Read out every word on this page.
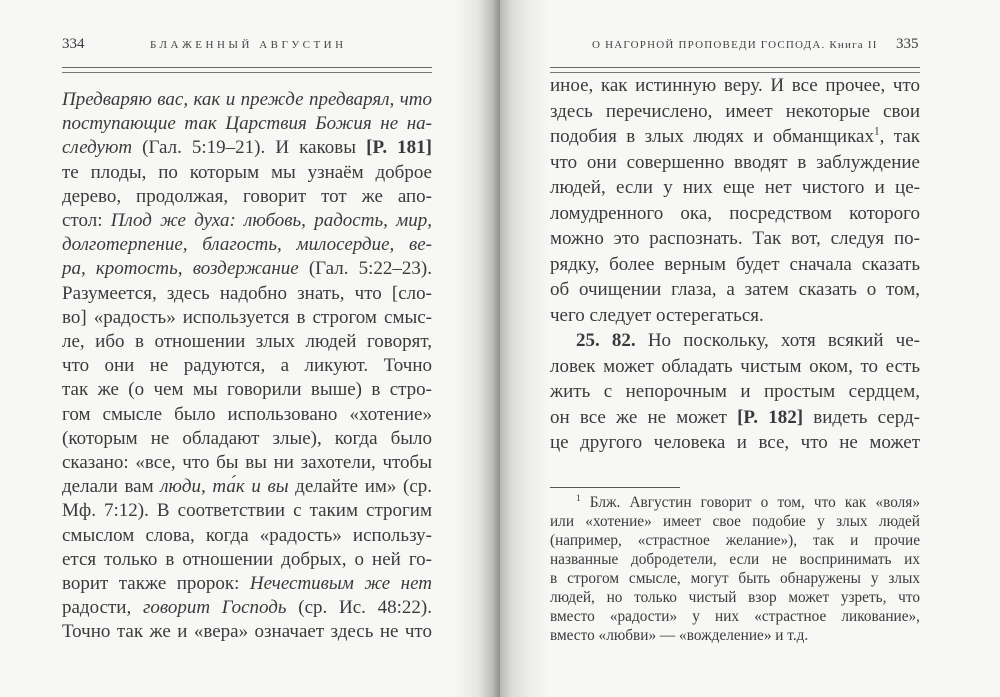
334	БЛАЖЕННЫЙ АВГУСТИН
Предваряю вас, как и прежде предварял, что
поступающие так Царствия Божия не на-
следуют (Гал. 5:19–21). И каковы [P. 181]
те плоды, по которым мы узнаём доброе
дерево, продолжая, говорит тот же апо-
стол: Плод же духа: любовь, радость, мир,
долготерпение, благость, милосердие, ве-
ра, кротость, воздержание (Гал. 5:22–23).
Разумеется, здесь надобно знать, что [сло-
во] «радость» используется в строгом смыс-
ле, ибо в отношении злых людей говорят,
что они не радуются, а ликуют. Точно
так же (о чем мы говорили выше) в стро-
гом смысле было использовано «хотение»
(которым не обладают злые), когда было
сказано: «все, что бы вы ни захотели, чтобы
делали вам люди, та́к и вы делайте им» (ср.
Мф. 7:12). В соответствии с таким строгим
смыслом слова, когда «радость» использу-
ется только в отношении добрых, о ней го-
ворит также пророк: Нечестивым же нет
радости, говорит Господь (ср. Ис. 48:22).
Точно так же и «вера» означает здесь не что
О НАГОРНОЙ ПРОПОВЕДИ ГОСПОДА. Книга II 335
иное, как истинную веру. И все прочее, что
здесь перечислено, имеет некоторые свои
подобия в злых людях и обманщиках$^1$, так
что они совершенно вводят в заблуждение
людей, если у них еще нет чистого и це-
ломудренного ока, посредством которого
можно это распознать. Так вот, следуя по-
рядку, более верным будет сначала сказать
об очищении глаза, а затем сказать о том,
чего следует остерегаться.
25. 82. Но поскольку, хотя всякий че-
ловек может обладать чистым оком, то есть
жить с непорочным и простым сердцем,
он все же не может [P. 182] видеть серд-
це другого человека и все, что не может
$^1$ Блж. Августин говорит о том, что как «воля»
или «хотение» имеет свое подобие у злых людей
(например, «страстное желание»), так и прочие
названные добродетели, если не воспринимать их
в строгом смысле, могут быть обнаружены у злых
людей, но только чистый взор может узреть, что
вместо «радости» у них «страстное ликование»,
вместо «любви» — «вожделение» и т.д.
